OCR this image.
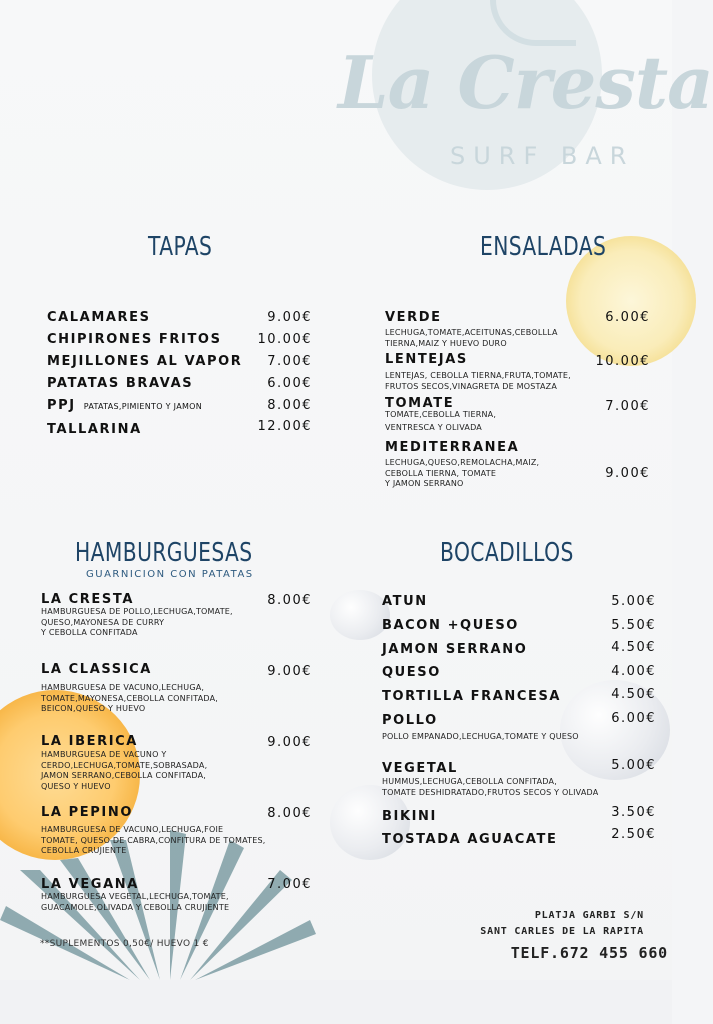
La Cresta
SURF BAR
TAPAS
CALAMARES	9.00€
CHIPIRONES FRITOS	10.00€
MEJILLONES AL VAPOR 7.00€
PATATAS BRAVAS	6.00€
PPJ PATATAS,PIMIENTO Y JAMON	8.00€
TALLARINA	12.00€
ENSALADAS
VERDE
LECHUGA,TOMATE,ACEITUNAS,CEBOLLLA
TIERNA,MAIZ Y HUEVO DURO
6.00€
LENTEJAS
LENTEJAS, CEBOLLA TIERNA,FRUTA,TOMATE,
FRUTOS SECOS,VINAGRETA DE MOSTAZA
10.00€
TOMATE
TOMATE,CEBOLLA TIERNA,
VENTRESCA Y OLIVADA
7.00€
MEDITERRANEA
LECHUGA,QUESO,REMOLACHA,MAIZ,
CEBOLLA TIERNA, TOMATE
Y JAMON SERRANO
9.00€
HAMBURGUESAS
GUARNICION CON PATATAS
LA CRESTA
HAMBURGUESA DE POLLO,LECHUGA,TOMATE,
QUESO,MAYONESA DE CURRY
Y CEBOLLA CONFITADA
8.00€
LA CLASSICA
HAMBURGUESA DE VACUNO,LECHUGA,
TOMATE,MAYONESA,CEBOLLA CONFITADA,
BEICON,QUESO Y HUEVO
9.00€
LA IBERICA
HAMBURGUESA DE VACUNO Y
CERDO,LECHUGA,TOMATE,SOBRASADA,
JAMON SERRANO,CEBOLLA CONFITADA,
QUESO Y HUEVO
9.00€
LA PEPINO
HAMBURGUESA DE VACUNO,LECHUGA,FOIE
TOMATE, QUESO DE CABRA,CONFITURA DE TOMATES,
CEBOLLA CRUJIENTE
8.00€
LA VEGANA
HAMBURGUESA VEGETAL,LECHUGA,TOMATE,
GUACAMOLE,OLIVADA Y CEBOLLA CRUJIENTE
7.00€
**SUPLEMENTOS 0,50€/ HUEVO 1 €
BOCADILLOS
ATUN	5.00€
BACON +QUESO	5.50€
JAMON SERRANO	4.50€
QUESO	4.00€
TORTILLA FRANCESA	4.50€
POLLO
POLLO EMPANADO,LECHUGA,TOMATE Y QUESO
6.00€
VEGETAL
HUMMUS,LECHUGA,CEBOLLA CONFITADA,
TOMATE DESHIDRATADO,FRUTOS SECOS Y OLIVADA
5.00€
BIKINI	3.50€
TOSTADA AGUACATE	2.50€
PLATJA GARBI S/N
SANT CARLES DE LA RAPITA
TELF.672 455 660
